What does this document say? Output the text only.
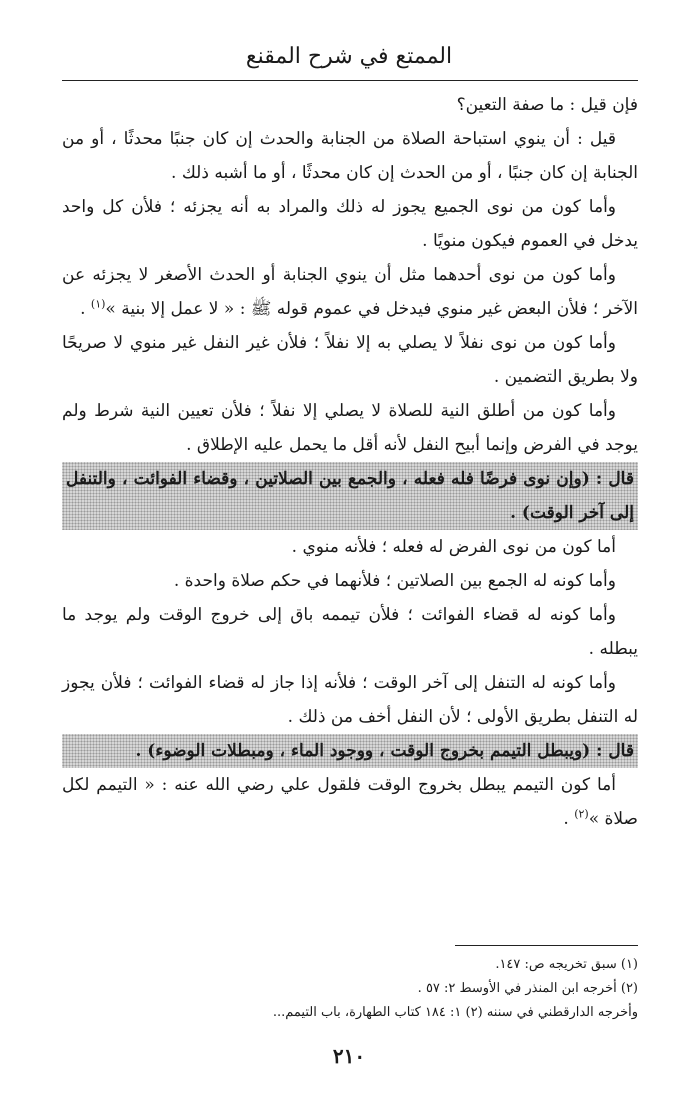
الممتع في شرح المقنع

فإن قيل : ما صفة التعين؟

قيل : أن ينوي استباحة الصلاة من الجنابة والحدث إن كان جنبًا محدثًا ، أو من الجنابة إن كان جنبًا ، أو من الحدث إن كان محدثًا ، أو ما أشبه ذلك .

وأما كون من نوى الجميع يجوز له ذلك والمراد به أنه يجزئه ؛ فلأن كل واحد يدخل في العموم فيكون منويًا .

وأما كون من نوى أحدهما مثل أن ينوي الجنابة أو الحدث الأصغر لا يجزئه عن الآخر ؛ فلأن البعض غير منوي فيدخل في عموم قوله ﷺ : « لا عمل إلا بنية »$^{(١)}$ .

وأما كون من نوى نفلاً لا يصلي به إلا نفلاً ؛ فلأن غير النفل غير منوي لا صريحًا ولا بطريق التضمين .

وأما كون من أطلق النية للصلاة لا يصلي إلا نفلاً ؛ فلأن تعيين النية شرط ولم يوجد في الفرض وإنما أبيح النفل لأنه أقل ما يحمل عليه الإطلاق .

قال : (وإن نوى فرضًا فله فعله ، والجمع بين الصلاتين ، وقضاء الفوائت ، والتنفل إلى آخر الوقت) .

أما كون من نوى الفرض له فعله ؛ فلأنه منوي .

وأما كونه له الجمع بين الصلاتين ؛ فلأنهما في حكم صلاة واحدة .

وأما كونه له قضاء الفوائت ؛ فلأن تيممه باق إلى خروج الوقت ولم يوجد ما يبطله .

وأما كونه له التنفل إلى آخر الوقت ؛ فلأنه إذا جاز له قضاء الفوائت ؛ فلأن يجوز له التنفل بطريق الأولى ؛ لأن النفل أخف من ذلك .

قال : (ويبطل التيمم بخروج الوقت ، ووجود الماء ، ومبطلات الوضوء) .

أما كون التيمم يبطل بخروج الوقت فلقول علي رضي الله عنه : « التيمم لكل صلاة »$^{(٢)}$ .

(١) سبق تخريجه ص: ١٤٧.
(٢) أخرجه ابن المنذر في الأوسط ٢: ٥٧ .
وأخرجه الدارقطني في سننه (٢) ١: ١٨٤ كتاب الطهارة، باب التيمم...
٢١٠
